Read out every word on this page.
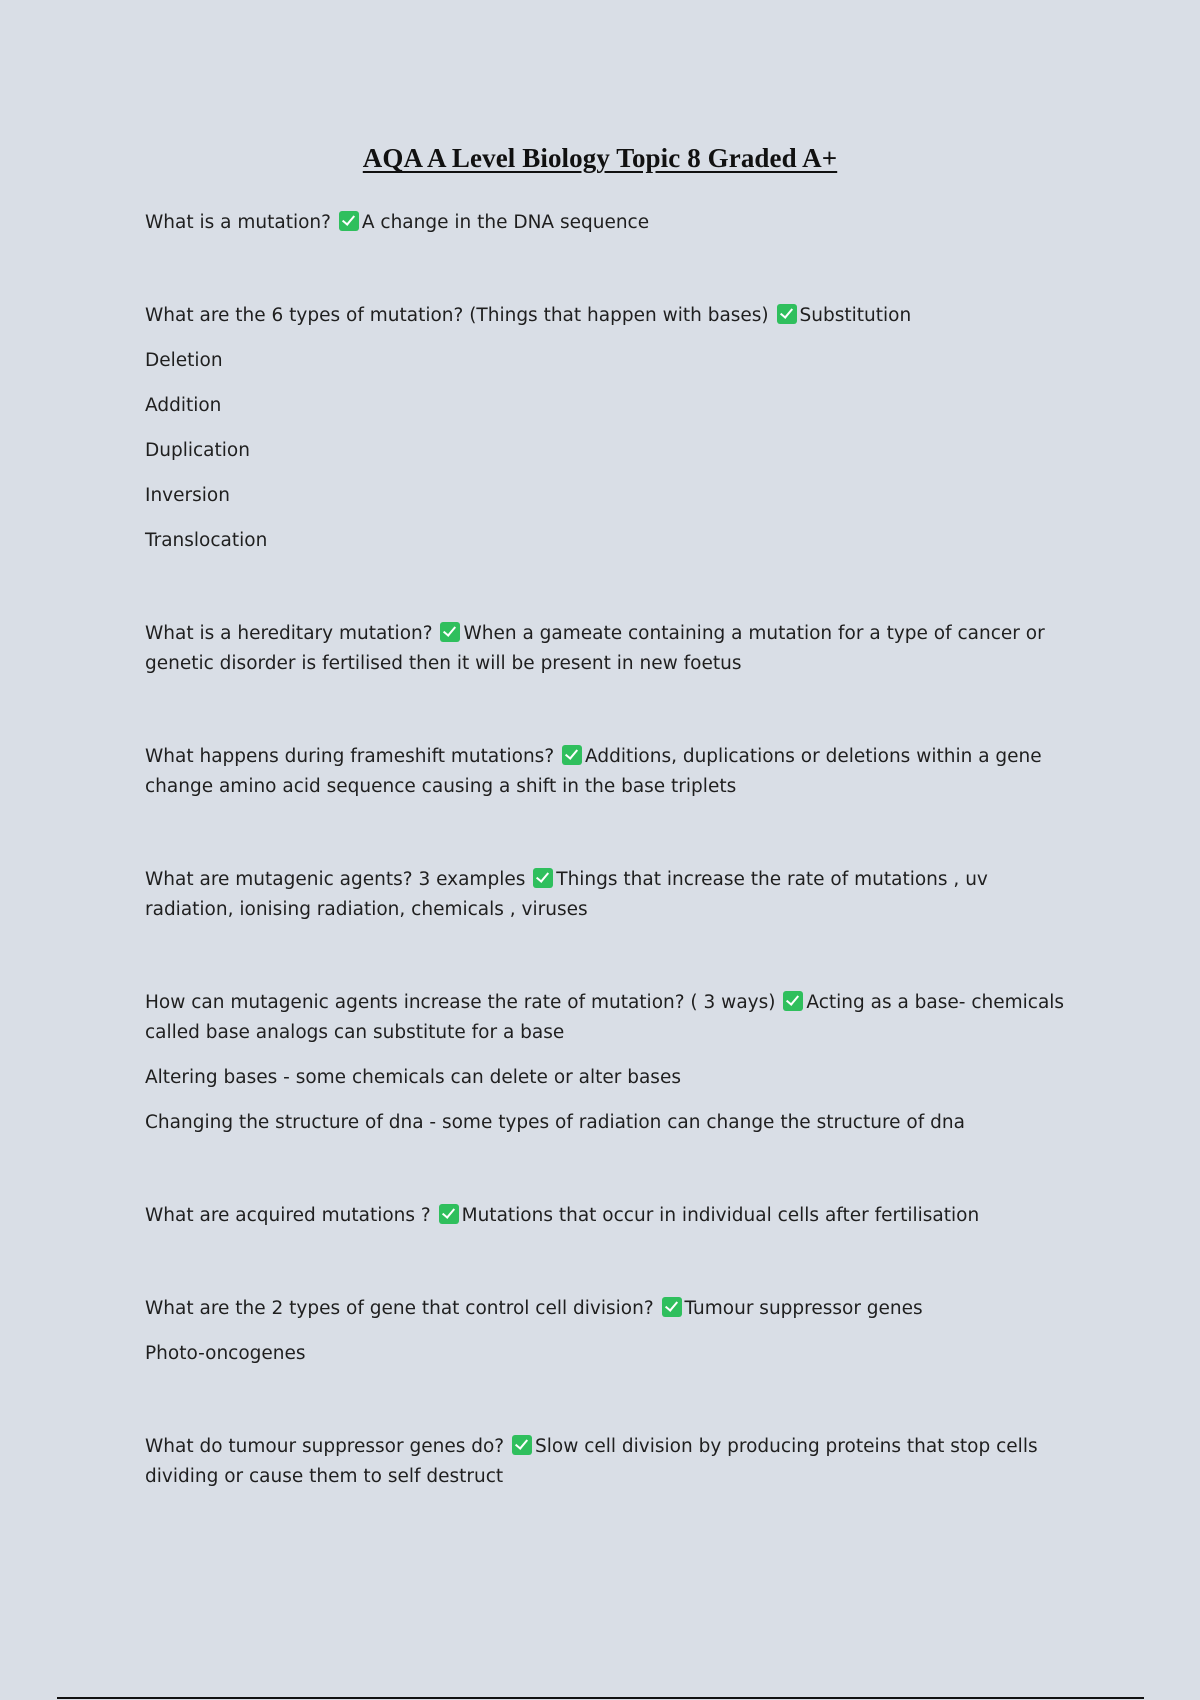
AQA A Level Biology Topic 8 Graded A+

What is a mutation? A change in the DNA sequence

What are the 6 types of mutation? (Things that happen with bases) Substitution

Deletion

Addition

Duplication

Inversion

Translocation

What is a hereditary mutation? When a gameate containing a mutation for a type of cancer or genetic disorder is fertilised then it will be present in new foetus

What happens during frameshift mutations? Additions, duplications or deletions within a gene change amino acid sequence causing a shift in the base triplets

What are mutagenic agents? 3 examples Things that increase the rate of mutations , uv radiation, ionising radiation, chemicals , viruses

How can mutagenic agents increase the rate of mutation? ( 3 ways) Acting as a base- chemicals called base analogs can substitute for a base

Altering bases - some chemicals can delete or alter bases

Changing the structure of dna - some types of radiation can change the structure of dna

What are acquired mutations ? Mutations that occur in individual cells after fertilisation

What are the 2 types of gene that control cell division? Tumour suppressor genes

Photo-oncogenes

What do tumour suppressor genes do? Slow cell division by producing proteins that stop cells dividing or cause them to self destruct
